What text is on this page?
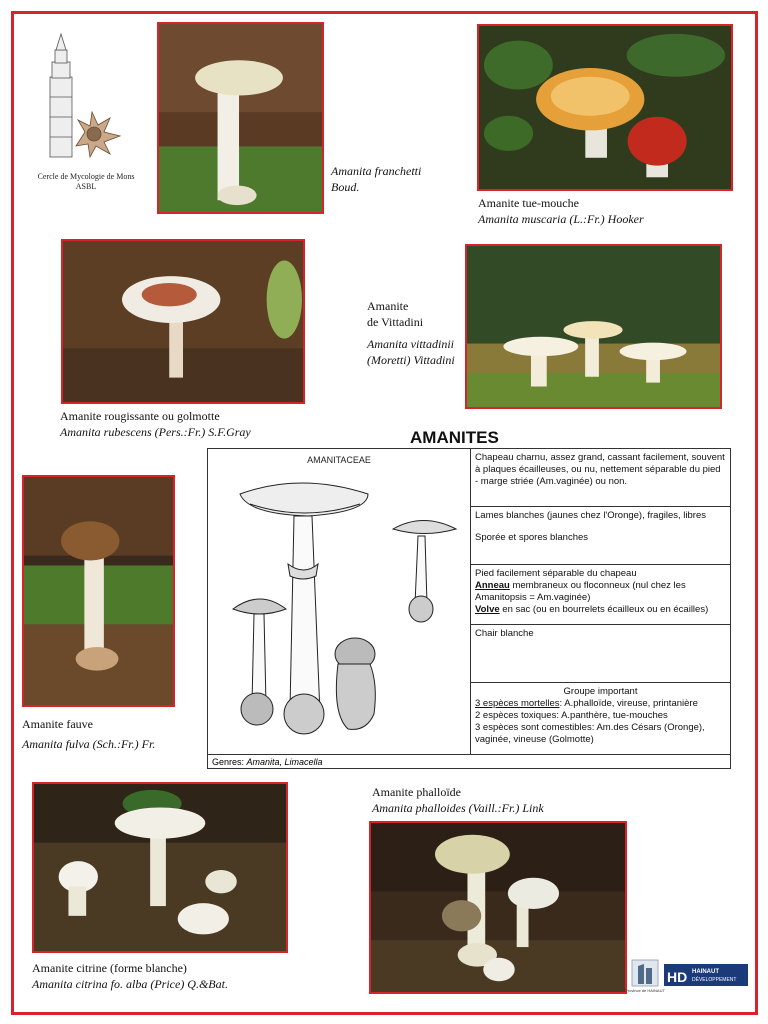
Cercle de Mycologie de Mons
ASBL
Amanita franchetti
Boud.
Amanite tue-mouche
Amanita muscaria (L.:Fr.) Hooker
Amanite rougissante ou golmotte
Amanita rubescens (Pers.:Fr.) S.F.Gray
Amanite
de Vittadini
Amanita vittadinii
(Moretti) Vittadini
AMANITES
AMANITACEAE	Chapeau charnu, assez grand, cassant facilement, souvent à plaques écailleuses, ou nu, nettement séparable du pied - marge striée (Am.vaginée) ou non.
Lames blanches (jaunes chez l'Oronge), fragiles, libres
Sporée et spores blanches
Pied facilement séparable du chapeau
Anneau membraneux ou floconneux (nul chez les Amanitopsis = Am.vaginée)
Volve en sac (ou en bourrelets écailleux ou en écailles)
Chair blanche
Groupe important
3 espèces mortelles: A.phalloïde, vireuse, printanière
2 espèces toxiques: A.panthère, tue-mouches
3 espèces sont comestibles: Am.des Césars (Oronge), vaginée, vineuse (Golmotte)
Genres: Amanita, Limacella
Amanite fauve
Amanita fulva (Sch.:Fr.) Fr.
Amanite citrine (forme blanche)
Amanita citrina fo. alba (Price) Q.&Bat.
Amanite phalloïde
Amanita phalloides (Vaill.:Fr.) Link
Province de HAINAUT
HD HAINAUT
DÉVELOPPEMENT
